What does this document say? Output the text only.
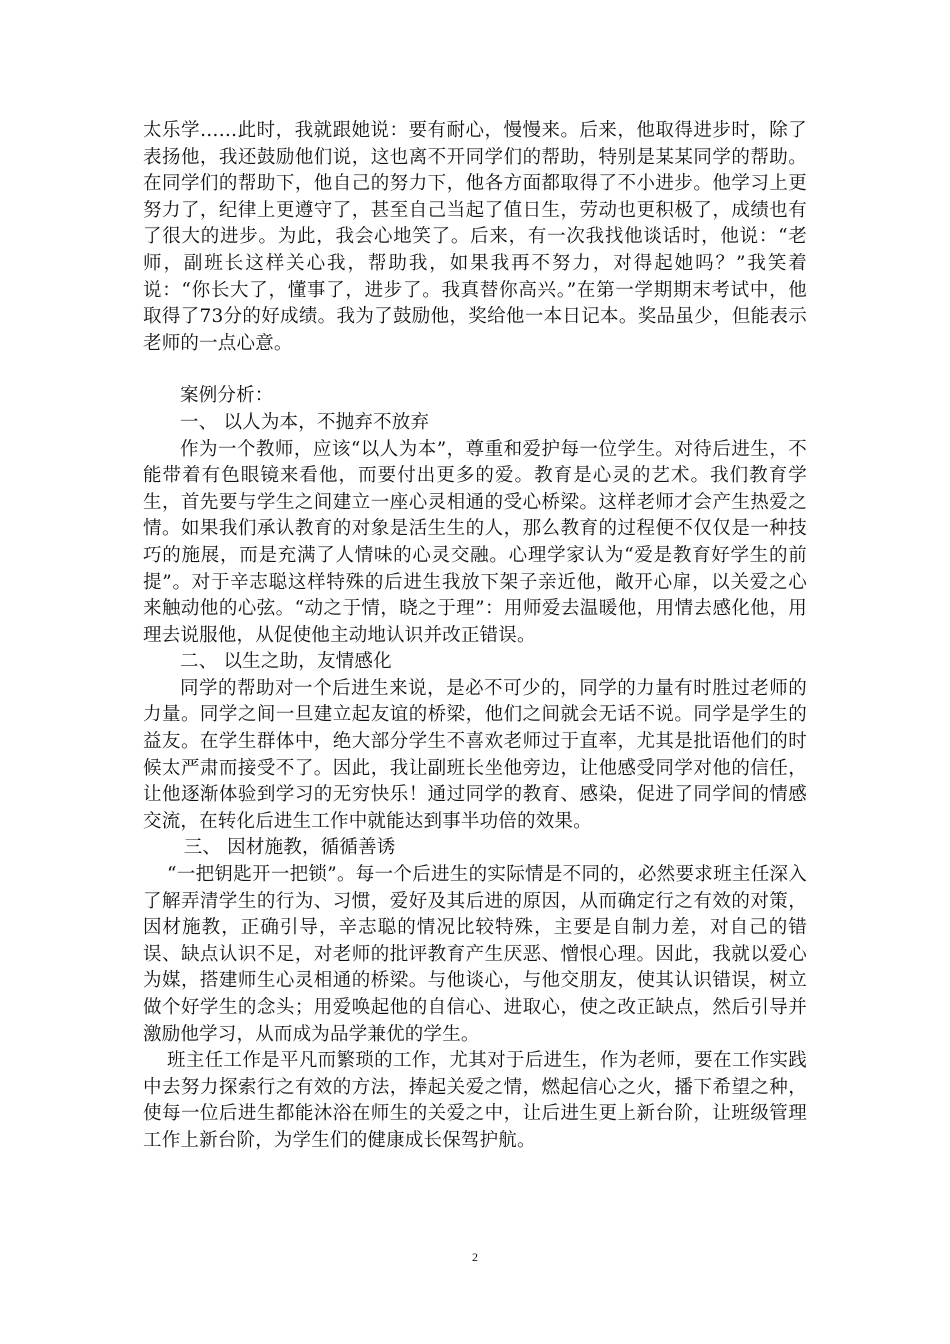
太乐学……此时，我就跟她说：要有耐心，慢慢来。后来，他取得进步时，除了表扬他，我还鼓励他们说，这也离不开同学们的帮助，特别是某某同学的帮助。在同学们的帮助下，他自己的努力下，他各方面都取得了不小进步。他学习上更努力了，纪律上更遵守了，甚至自己当起了值日生，劳动也更积极了，成绩也有了很大的进步。为此，我会心地笑了。后来，有一次我找他谈话时，他说：“老师，副班长这样关心我，帮助我，如果我再不努力，对得起她吗？”我笑着说：“你长大了，懂事了，进步了。我真替你高兴。”在第一学期期末考试中，他取得了73分的好成绩。我为了鼓励他，奖给他一本日记本。奖品虽少，但能表示老师的一点心意。

案例分析：

一、 以人为本，不抛弃不放弃

作为一个教师，应该“以人为本”，尊重和爱护每一位学生。对待后进生，不能带着有色眼镜来看他，而要付出更多的爱。教育是心灵的艺术。我们教育学生，首先要与学生之间建立一座心灵相通的受心桥梁。这样老师才会产生热爱之情。如果我们承认教育的对象是活生生的人，那么教育的过程便不仅仅是一种技巧的施展，而是充满了人情味的心灵交融。心理学家认为“爱是教育好学生的前提”。对于辛志聪这样特殊的后进生我放下架子亲近他，敞开心扉，以关爱之心来触动他的心弦。“动之于情，晓之于理”：用师爱去温暖他，用情去感化他，用理去说服他，从促使他主动地认识并改正错误。

二、 以生之助，友情感化

同学的帮助对一个后进生来说，是必不可少的，同学的力量有时胜过老师的力量。同学之间一旦建立起友谊的桥梁，他们之间就会无话不说。同学是学生的益友。在学生群体中，绝大部分学生不喜欢老师过于直率，尤其是批语他们的时候太严肃而接受不了。因此，我让副班长坐他旁边，让他感受同学对他的信任，让他逐渐体验到学习的无穷快乐！通过同学的教育、感染，促进了同学间的情感交流，在转化后进生工作中就能达到事半功倍的效果。

三、 因材施教，循循善诱

“一把钥匙开一把锁”。每一个后进生的实际情是不同的，必然要求班主任深入了解弄清学生的行为、习惯，爱好及其后进的原因，从而确定行之有效的对策，因材施教，正确引导，辛志聪的情况比较特殊，主要是自制力差，对自己的错误、缺点认识不足，对老师的批评教育产生厌恶、憎恨心理。因此，我就以爱心为媒，搭建师生心灵相通的桥梁。与他谈心，与他交朋友，使其认识错误，树立做个好学生的念头；用爱唤起他的自信心、进取心，使之改正缺点，然后引导并激励他学习，从而成为品学兼优的学生。

班主任工作是平凡而繁琐的工作，尤其对于后进生，作为老师，要在工作实践中去努力探索行之有效的方法，捧起关爱之情，燃起信心之火，播下希望之种，使每一位后进生都能沐浴在师生的关爱之中，让后进生更上新台阶，让班级管理工作上新台阶，为学生们的健康成长保驾护航。

2
